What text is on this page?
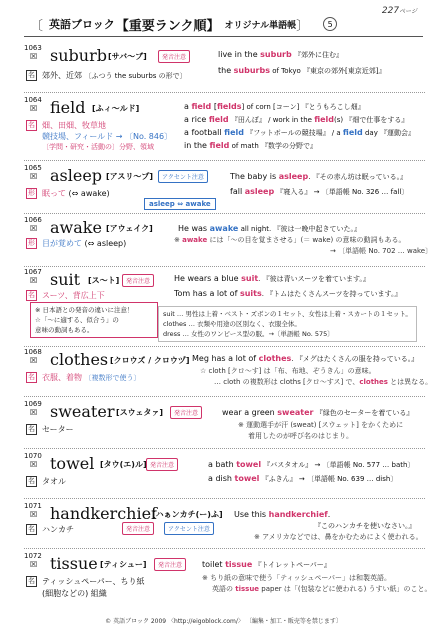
227ページ
〔 英語ブロック 【重要ランク順】 オリジナル単語帳 〕	5
1063
☒ suburb [サバ〜ブ]	発音注意
名 郊外、近郊 〔ふつう the suburbs の形で〕
live in the suburb 『郊外に住む』
the suburbs of Tokyo 『東京の郊外[東京近郊]』
1064
☒ field [ふィ〜ルド]
名 畑、田畑、牧草地
競技場、フィールド → 〔No. 846〕
〔学問・研究・活動の〕分野、領域
a field [fields] of corn [コーン] 『とうもろこし畑』
a rice field 『田んぼ』 / work in the field(s) 『畑で仕事をする』
a football field 『フットボールの競技場』 / a field day 『運動会』
in the field of math 『数学の分野で』
1065
☒ asleep [アスリ〜プ]	アクセント注意
形 眠って (⇔ awake)
asleep ⇔ awake
The baby is asleep. 『その赤ん坊は眠っている。』
fall asleep 『寝入る』 → 〔単語帳 No. 326 … fall〕
1066
☒ awake [アウェイク]
形 目が覚めて (⇔ asleep)
He was awake all night. 『彼は一晩中起きていた。』
※ awake には「〜の目を覚まさせる」(＝ wake) の意味の動詞もある。
→ 〔単語帳 No. 702 … wake〕
1067
☒ suit [ス〜ト]	発音注意
名 スーツ、背広上下
※ 日本語との発音の違いに注意！
☆「〜に適する、似合う」の
意味の動詞もある。
He wears a blue suit. 『彼は青いスーツを着ています。』
Tom has a lot of suits. 『トムはたくさんスーツを持っています。』
suit … 男性は上着・ベスト・ズボンの１セット、女性は上着・スカートの１セット。
clothes … 衣類や用途の区別なく、衣服全体。
dress … 女性のワンピース型の服。→〔単語帳 No. 575〕
1068
☒ clothes [クロウズ / クロウヅ]
名 衣服、着物 〔複数形で使う〕
Meg has a lot of clothes. 『メグはたくさんの服を持っている。』
☆ cloth [クロ〜す] は「布、布地、ぞうきん」の意味。
… cloth の複数形は cloths [クロ〜すス] で、clothes とは異なる。
1069
☒ sweater [スウェタァ]	発音注意
名 セーター
wear a green sweater 『緑色のセーターを着ている』
※ 運動選手が汗 (sweat) [スウェット] をかくために
着用したのが呼び名のはじまり。
1070
☒ towel [タウ(エ)ル] 発音注意
名 タオル
a bath towel 『バスタオル』 → 〔単語帳 No. 577 … bath〕
a dish towel 『ふきん』 → 〔単語帳 No. 639 … dish〕
1071
☒ handkerchief
[ハぁンカチ(ー)ふ]
発音注意	アクセント注意
名 ハンカチ
Use this handkerchief.
『このハンカチを使いなさい。』
※ アメリカなどでは、鼻をかむためによく使われる。
1072
☒ tissue [ティシュー]	発音注意
名 ティッシュペーパー、ちり紙
(細胞などの) 組織
toilet tissue 『トイレットペーパー』
※ ちり紙の意味で使う「ティッシュペーパー」は和製英語。
英語の tissue paper は「(包装などに使われる) うすい紙」のこと。
© 英語ブロック 2009 〈http://eigoblock.com/〉 〔編集・加工・販売等を禁じます〕
